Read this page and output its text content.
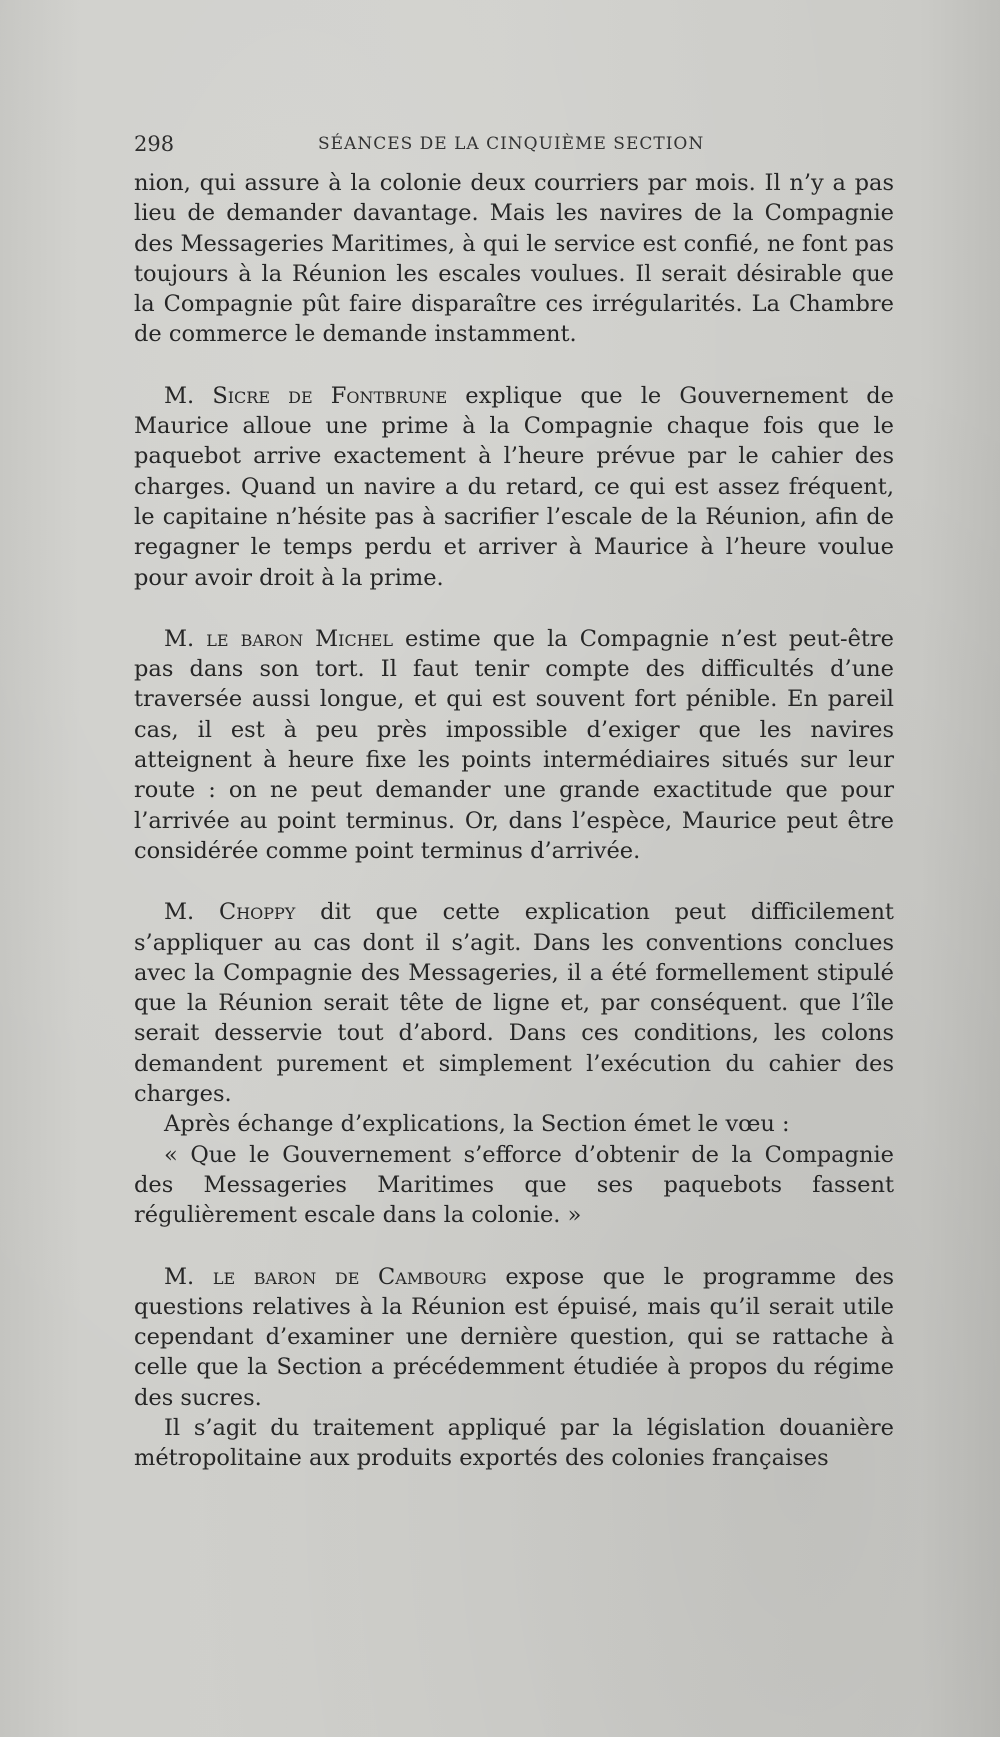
298	SÉANCES DE LA CINQUIÈME SECTION

nion, qui assure à la colonie deux courriers par mois. Il n’y a pas lieu de demander davantage. Mais les navires de la Compagnie des Messageries Maritimes, à qui le service est confié, ne font pas toujours à la Réunion les escales voulues. Il serait désirable que la Compagnie pût faire disparaître ces irrégularités. La Chambre de commerce le demande instamment.

M. Sicre de Fontbrune explique que le Gouvernement de Maurice alloue une prime à la Compagnie chaque fois que le paquebot arrive exactement à l’heure prévue par le cahier des charges. Quand un navire a du retard, ce qui est assez fréquent, le capitaine n’hésite pas à sacrifier l’escale de la Réunion, afin de regagner le temps perdu et arriver à Maurice à l’heure voulue pour avoir droit à la prime.

M. le baron Michel estime que la Compagnie n’est peut-être pas dans son tort. Il faut tenir compte des difficultés d’une traversée aussi longue, et qui est souvent fort pénible. En pareil cas, il est à peu près impossible d’exiger que les navires atteignent à heure fixe les points intermédiaires situés sur leur route : on ne peut demander une grande exactitude que pour l’arrivée au point terminus. Or, dans l’espèce, Maurice peut être considérée comme point terminus d’arrivée.

M. Choppy dit que cette explication peut difficilement s’appliquer au cas dont il s’agit. Dans les conventions conclues avec la Compagnie des Messageries, il a été formellement stipulé que la Réunion serait tête de ligne et, par conséquent. que l’île serait desservie tout d’abord. Dans ces conditions, les colons demandent purement et simplement l’exécution du cahier des charges.

Après échange d’explications, la Section émet le vœu :

« Que le Gouvernement s’efforce d’obtenir de la Compagnie des Messageries Maritimes que ses paquebots fassent régulièrement escale dans la colonie. »

M. le baron de Cambourg expose que le programme des questions relatives à la Réunion est épuisé, mais qu’il serait utile cependant d’examiner une dernière question, qui se rattache à celle que la Section a précédemment étudiée à propos du régime des sucres.

Il s’agit du traitement appliqué par la législation douanière métropolitaine aux produits exportés des colonies françaises
